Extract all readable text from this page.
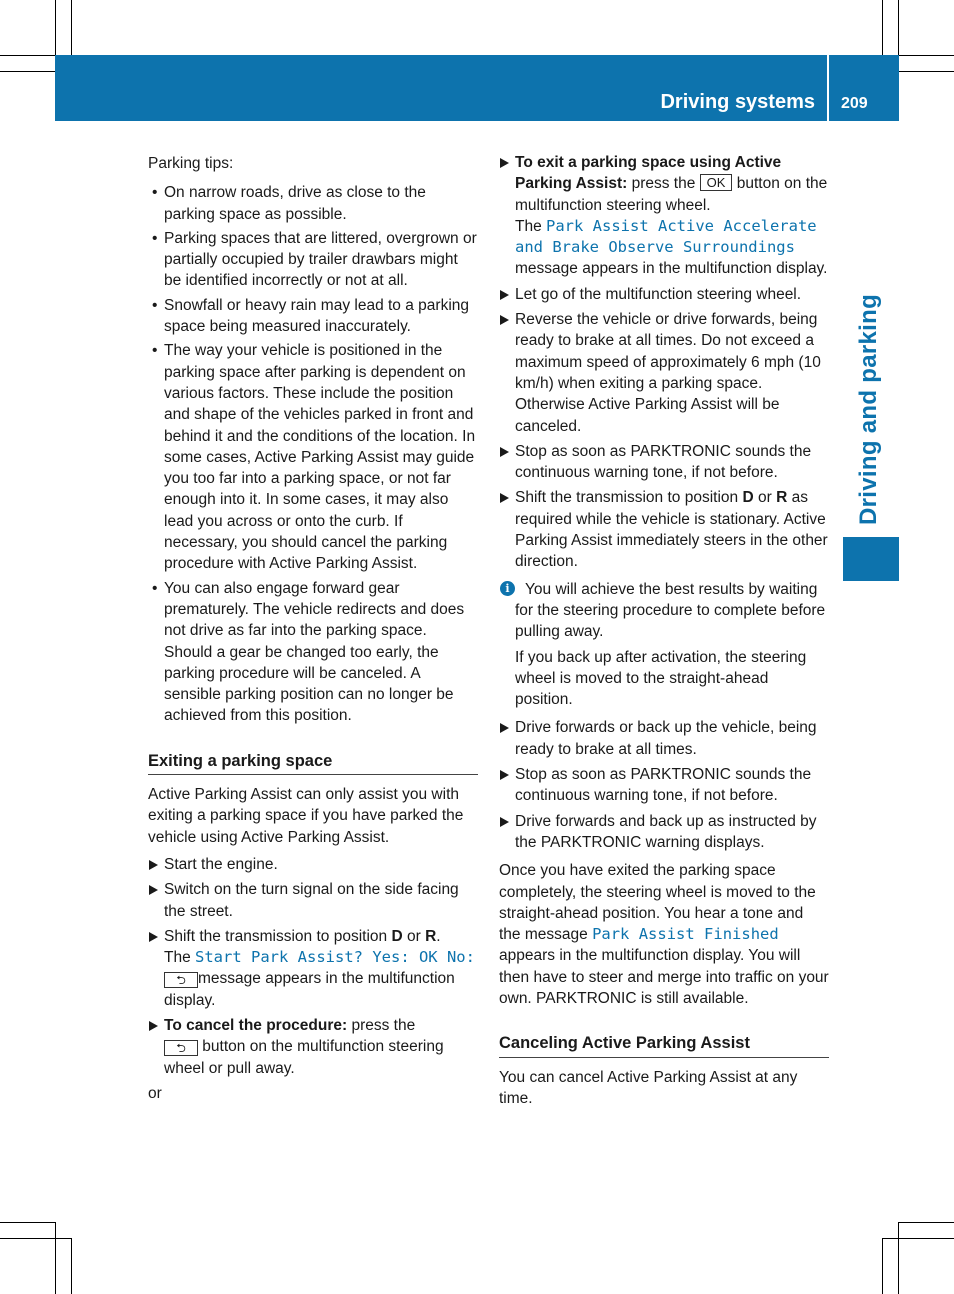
Driving systems 209
Driving and parking

Parking tips:

• On narrow roads, drive as close to the parking space as possible.

• Parking spaces that are littered, overgrown or partially occupied by trailer drawbars might be identified incorrectly or not at all.

• Snowfall or heavy rain may lead to a parking space being measured inaccurately.

• The way your vehicle is positioned in the parking space after parking is dependent on various factors. These include the position and shape of the vehicles parked in front and behind it and the conditions of the location. In some cases, Active Parking Assist may guide you too far into a parking space, or not far enough into it. In some cases, it may also lead you across or onto the curb. If necessary, you should cancel the parking procedure with Active Parking Assist.

• You can also engage forward gear prematurely. The vehicle redirects and does not drive as far into the parking space. Should a gear be changed too early, the parking procedure will be canceled. A sensible parking position can no longer be achieved from this position.

Exiting a parking space

Active Parking Assist can only assist you with exiting a parking space if you have parked the vehicle using Active Parking Assist.

Start the engine.

Switch on the turn signal on the side facing the street.

Shift the transmission to position D or R.
The Start Park Assist? Yes: OK No:
⮌ message appears in the multifunction display.

To cancel the procedure: press the
⮌ button on the multifunction steering wheel or pull away.

or

To exit a parking space using Active Parking Assist: press the OK button on the multifunction steering wheel.
The Park Assist Active Accelerate and Brake Observe Surroundings message appears in the multifunction display.

Let go of the multifunction steering wheel.

Reverse the vehicle or drive forwards, being ready to brake at all times. Do not exceed a maximum speed of approximately 6 mph (10 km/h) when exiting a parking space. Otherwise Active Parking Assist will be canceled.

Stop as soon as PARKTRONIC sounds the continuous warning tone, if not before.

Shift the transmission to position D or R as required while the vehicle is stationary. Active Parking Assist immediately steers in the other direction.

i You will achieve the best results by waiting for the steering procedure to complete before pulling away.

If you back up after activation, the steering wheel is moved to the straight-ahead position.

Drive forwards or back up the vehicle, being ready to brake at all times.

Stop as soon as PARKTRONIC sounds the continuous warning tone, if not before.

Drive forwards and back up as instructed by the PARKTRONIC warning displays.

Once you have exited the parking space completely, the steering wheel is moved to the straight-ahead position. You hear a tone and the message Park Assist Finished appears in the multifunction display. You will then have to steer and merge into traffic on your own. PARKTRONIC is still available.

Canceling Active Parking Assist

You can cancel Active Parking Assist at any time.
